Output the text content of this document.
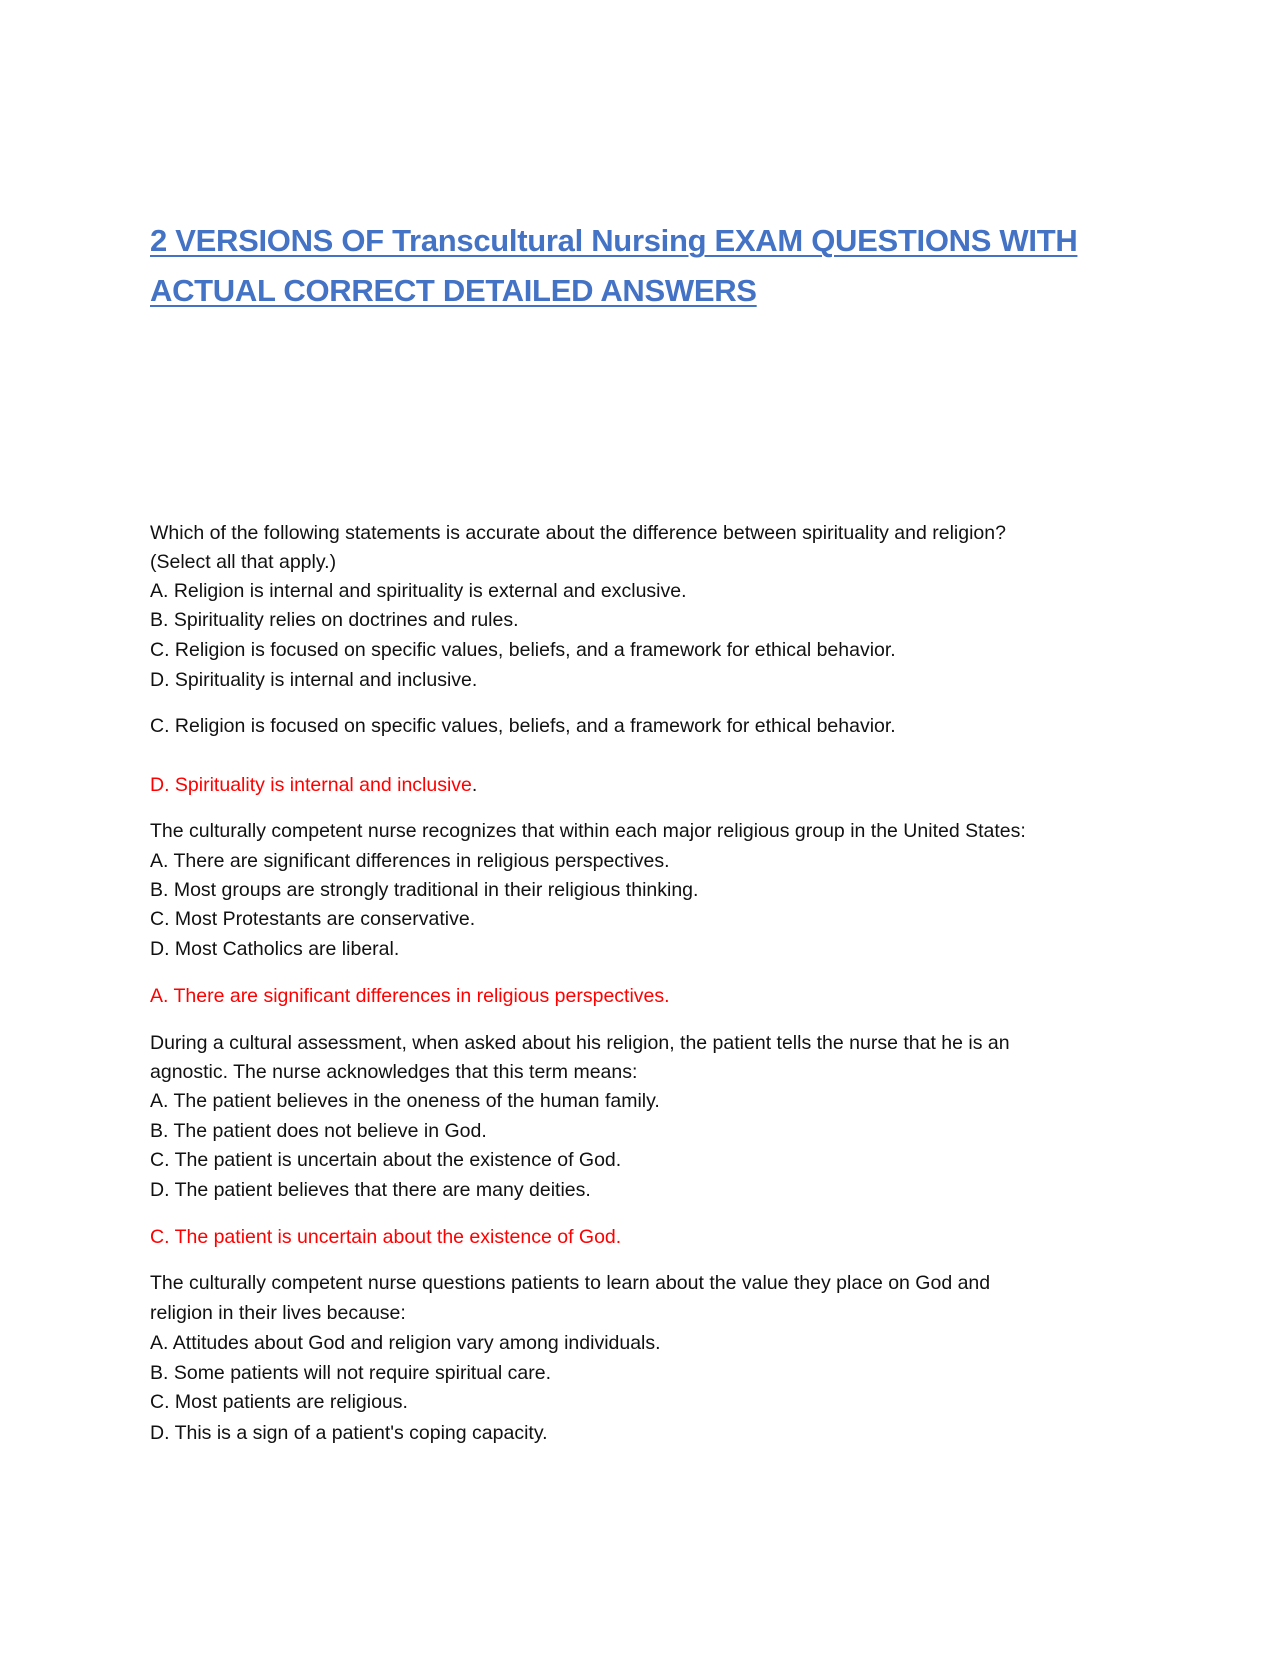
2 VERSIONS OF Transcultural Nursing EXAM QUESTIONS WITH ACTUAL CORRECT DETAILED ANSWERS

Which of the following statements is accurate about the difference between spirituality and religion?

(Select all that apply.)

A. Religion is internal and spirituality is external and exclusive.

B. Spirituality relies on doctrines and rules.

C. Religion is focused on specific values, beliefs, and a framework for ethical behavior.

D. Spirituality is internal and inclusive.

C. Religion is focused on specific values, beliefs, and a framework for ethical behavior.

D. Spirituality is internal and inclusive.

The culturally competent nurse recognizes that within each major religious group in the United States:

A. There are significant differences in religious perspectives.

B. Most groups are strongly traditional in their religious thinking.

C. Most Protestants are conservative.

D. Most Catholics are liberal.

A. There are significant differences in religious perspectives.

During a cultural assessment, when asked about his religion, the patient tells the nurse that he is an

agnostic. The nurse acknowledges that this term means:

A. The patient believes in the oneness of the human family.

B. The patient does not believe in God.

C. The patient is uncertain about the existence of God.

D. The patient believes that there are many deities.

C. The patient is uncertain about the existence of God.

The culturally competent nurse questions patients to learn about the value they place on God and

religion in their lives because:

A. Attitudes about God and religion vary among individuals.

B. Some patients will not require spiritual care.

C. Most patients are religious.

D. This is a sign of a patient's coping capacity.
